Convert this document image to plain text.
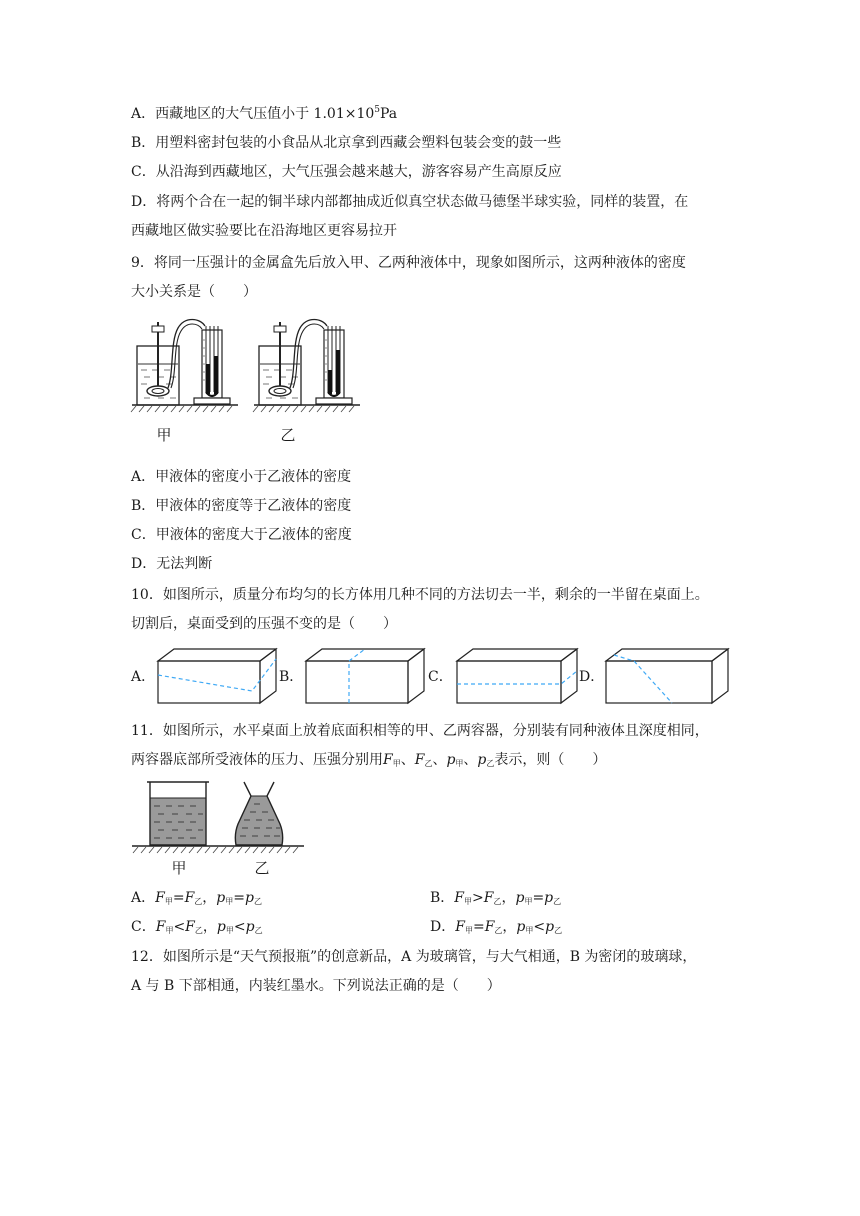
A．西藏地区的大气压值小于 $1.01\times 10^5Pa$
B．用塑料密封包装的小食品从北京拿到西藏会塑料包装会变的鼓一些
C．从沿海到西藏地区，大气压强会越来越大，游客容易产生高原反应
D．将两个合在一起的铜半球内部都抽成近似真空状态做马德堡半球实验，同样的装置，在
西藏地区做实验要比在沿海地区更容易拉开
9．将同一压强计的金属盒先后放入甲、乙两种液体中，现象如图所示，这两种液体的密度
大小关系是（　　）
甲	乙
A．甲液体的密度小于乙液体的密度
B．甲液体的密度等于乙液体的密度
C．甲液体的密度大于乙液体的密度
D．无法判断
10．如图所示，质量分布均匀的长方体用几种不同的方法切去一半，剩余的一半留在桌面上。
切割后，桌面受到的压强不变的是（　　）
A．	B．	C．	D．
11．如图所示，水平桌面上放着底面积相等的甲、乙两容器，分别装有同种液体且深度相同，
两容器底部所受液体的压力、压强分别用$F_甲$、$F_乙$、$p_甲$、$p_乙$表示，则（　　）
甲	乙
A．$F_甲=F_乙$，$p_甲=p_乙$	B．$F_甲>F_乙$，$p_甲=p_乙$
C．$F_甲<F_乙$，$p_甲<p_乙$	D．$F_甲=F_乙$，$p_甲<p_乙$
12．如图所示是“天气预报瓶”的创意新品，A 为玻璃管，与大气相通，B 为密闭的玻璃球，
A 与 B 下部相通，内装红墨水。下列说法正确的是（　　）
